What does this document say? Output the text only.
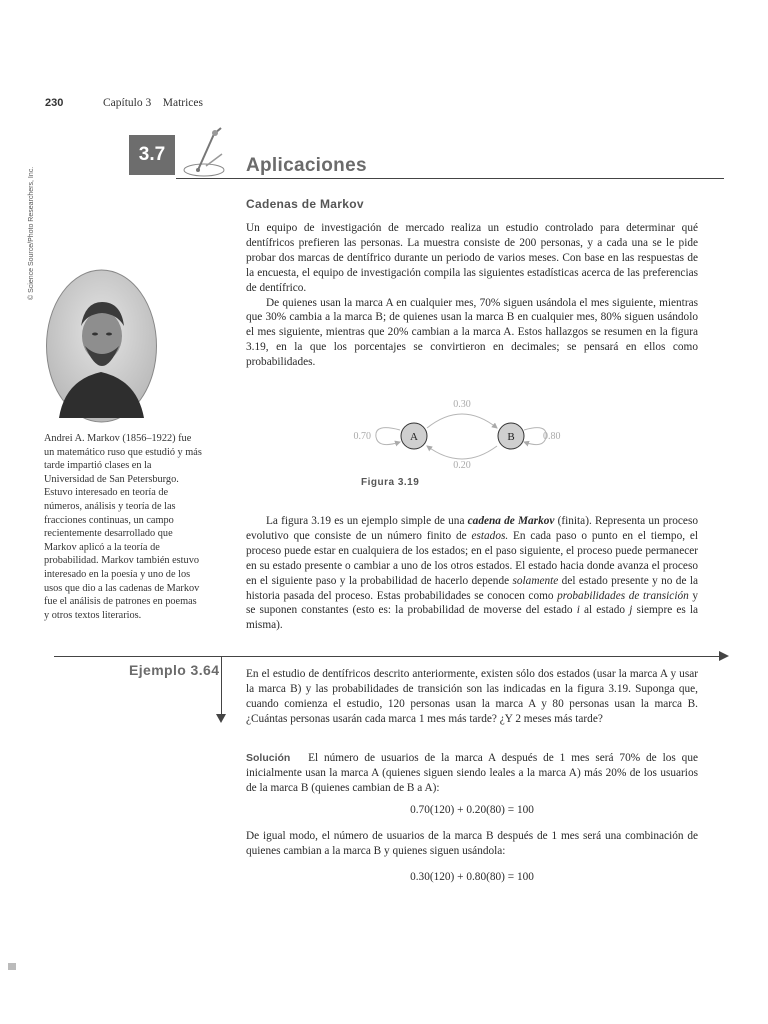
230	Capítulo 3    Matrices
3.7
Aplicaciones
Cadenas de Markov

Un equipo de investigación de mercado realiza un estudio controlado para determinar qué dentífricos prefieren las personas. La muestra consiste de 200 personas, y a cada una se le pide probar dos marcas de dentífrico durante un periodo de varios meses. Con base en las respuestas de la encuesta, el equipo de investigación compila las siguientes estadísticas acerca de las preferencias de dentífrico.

De quienes usan la marca A en cualquier mes, 70% siguen usándola el mes siguiente, mientras que 30% cambia a la marca B; de quienes usan la marca B en cualquier mes, 80% siguen usándolo el mes siguiente, mientras que 20% cambian a la marca A. Estos hallazgos se resumen en la figura 3.19, en la que los porcentajes se convirtieron en decimales; se pensará en ellos como probabilidades.

© Science Source/Photo Researchers, Inc.
Andrei A. Markov (1856–1922) fue un matemático ruso que estudió y más tarde impartió clases en la Universidad de San Petersburgo. Estuvo interesado en teoría de números, análisis y teoría de las fracciones continuas, un campo recientemente desarrollado que Markov aplicó a la teoría de probabilidad. Markov también estuvo interesado en la poesía y uno de los usos que dio a las cadenas de Markov fue el análisis de patrones en poemas y otros textos literarios.
A	B
0.30
0.20
0.70	0.80
Figura 3.19

La figura 3.19 es un ejemplo simple de una cadena de Markov (finita). Representa un proceso evolutivo que consiste de un número finito de estados. En cada paso o punto en el tiempo, el proceso puede estar en cualquiera de los estados; en el paso siguiente, el proceso puede permanecer en su estado presente o cambiar a uno de los otros estados. El estado hacia donde avanza el proceso en el siguiente paso y la probabilidad de hacerlo depende solamente del estado presente y no de la historia pasada del proceso. Estas probabilidades se conocen como probabilidades de transición y se suponen constantes (esto es: la probabilidad de moverse del estado i al estado j siempre es la misma).

Ejemplo 3.64 En el estudio de dentífricos descrito anteriormente, existen sólo dos estados (usar la marca A y usar la marca B) y las probabilidades de transición son las indicadas en la figura 3.19. Suponga que, cuando comienza el estudio, 120 personas usan la marca A y 80 personas usan la marca B. ¿Cuántas personas usarán cada marca 1 mes más tarde? ¿Y 2 meses más tarde?

Solución El número de usuarios de la marca A después de 1 mes será 70% de los que inicialmente usan la marca A (quienes siguen siendo leales a la marca A) más 20% de los usuarios de la marca B (quienes cambian de B a A):

0.70(120) + 0.20(80) = 100
De igual modo, el número de usuarios de la marca B después de 1 mes será una combinación de quienes cambian a la marca B y quienes siguen usándola:
0.30(120) + 0.80(80) = 100
